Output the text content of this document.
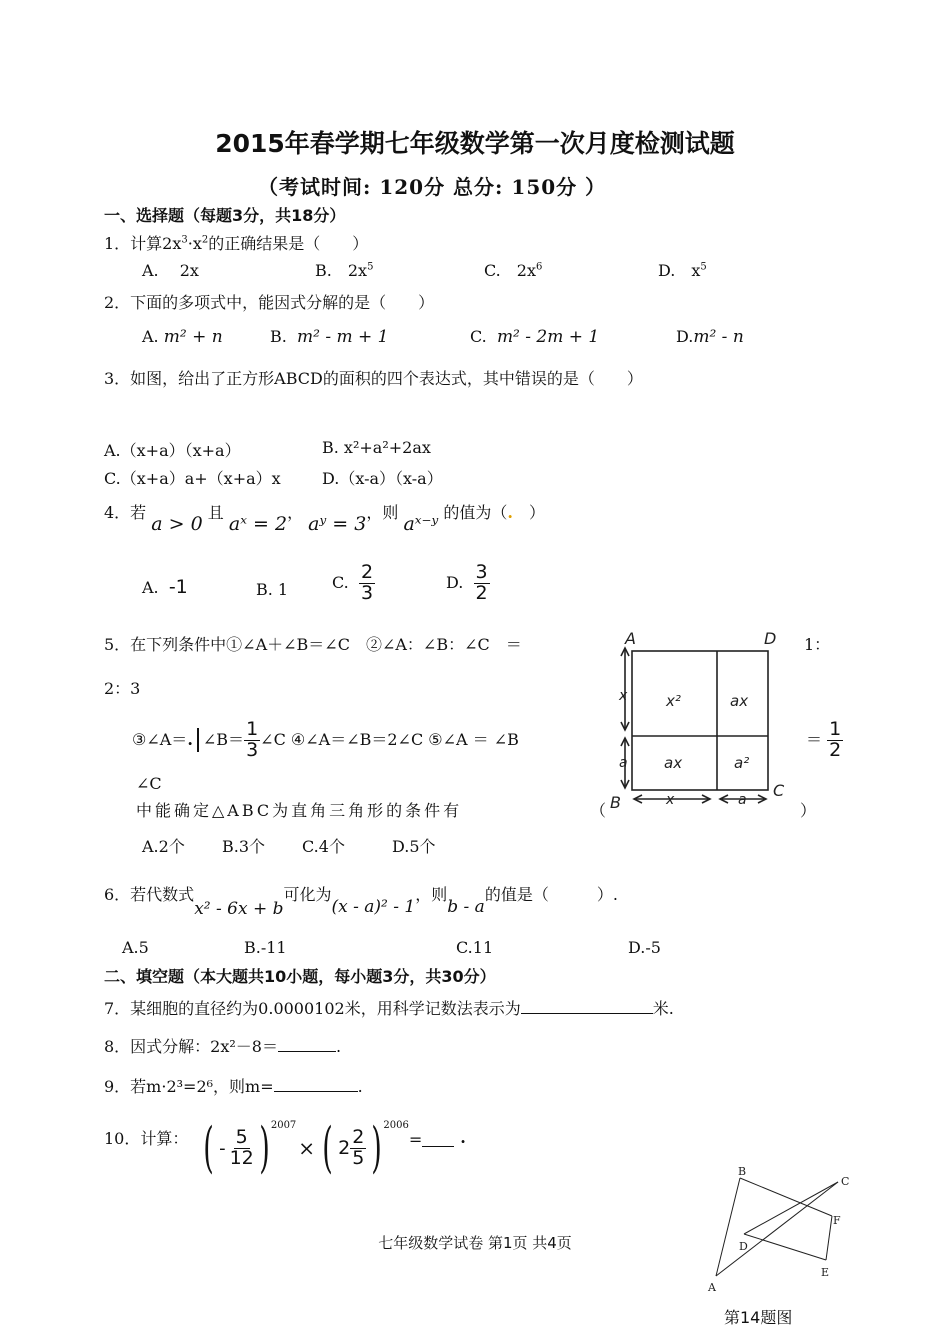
2015年春学期七年级数学第一次月度检测试题
（考试时间: 120分 总分: 150分 ）
一、选择题（每题3分，共18分）
1．计算$2x^3\cdot x^2$的正确结果是（　　）
A.　 2x	B.　$2x^5$	C.　$2x^6$	D.　$x^5$
2．下面的多项式中，能因式分解的是（　　）
A. m² + n	B. m² - m + 1	C. m² - 2m + 1	D.m² - n
3．如图，给出了正方形ABCD的面积的四个表达式，其中错误的是（　　）
A.（x+a）（x+a）	B. x²+a²+2ax
C.（x+a）a+（x+a）x	D.（x-a）（x-a）
4．若 a > 0 且 aˣ = 2， aʸ = 3，则 aˣ⁻ʸ 的值为（.　）
A. -1	B. 1	C. $\frac{2}{3}$	D. $\frac{3}{2}$
5．在下列条件中①∠A＋∠B＝∠C　②∠A：∠B：∠C　＝	1：
2：3
③∠A＝. ∠B＝ $\frac{1}{3}$ ∠C ④∠A＝∠B＝2∠C ⑤∠A ＝ ∠B	＝ $\frac{1}{2}$
∠C
中能确定△ABC为直角三角形的条件有	（	）
A.2个 B.3个 C.4个	D.5个
A	D
B
C
x²	ax
ax	a²
x
a
x	a
6．若代数式x² - 6x + b可化为(x - a)² - 1，则b - a的值是（　　　）.
A.5	B.-11	C.11	D.-5
二、填空题（本大题共10小题，每小题3分，共30分）
7．某细胞的直径约为0.0000102米，用科学记数法表示为	米.
8．因式分解：2x²－8＝	.
9．若m·2³=2⁶，则m=	.
10．计算： ( - $\frac{5}{12}$ ) 2007
× ( $2 \frac{2}{5}$ ) 2006
= .
B
C
F
D
E
A
第14题图
七年级数学试卷 第1页 共4页
